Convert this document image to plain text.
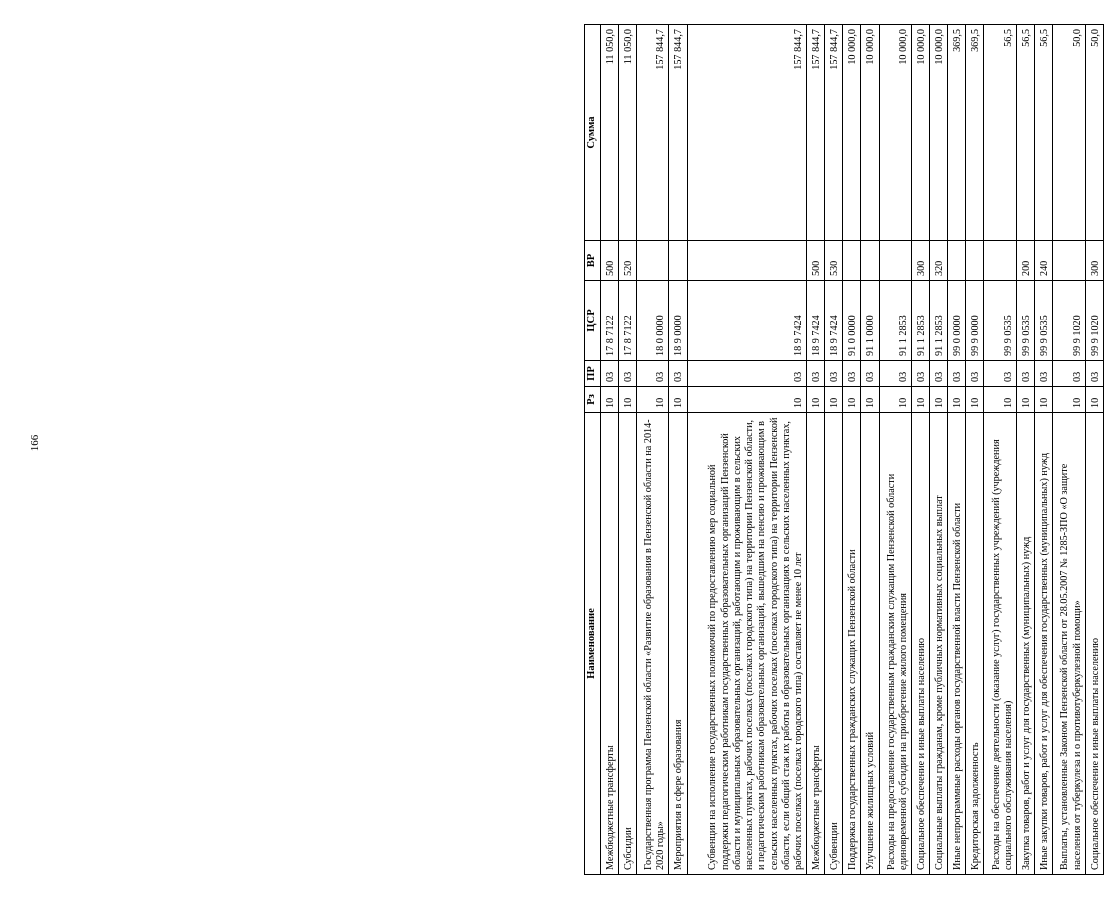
166
Наименование	Рз	ПР	ЦСР	ВР	Сумма
Межбюджетные трансферты	10	03	17 8 7122	500	11 050,0
Субсидии	10	03	17 8 7122	520	11 050,0
Государственная программа Пензенской области «Развитие образования в Пензенской области на 2014-2020 годы»	10	03	18 0 0000		157 844,7
Мероприятия в сфере образования	10	03	18 9 0000		157 844,7
Субвенции на исполнение государственных полномочий по предоставлению мер социальной поддержки педагогическим работникам государственных образовательных организаций Пензенской области и муниципальных образовательных организаций, работающим и проживающим в сельских населенных пунктах, рабочих поселках (поселках городского типа) на территории Пензенской области, и педагогическим работникам образовательных организаций, вышедшим на пенсию и проживающим в сельских населенных пунктах, рабочих поселках (поселках городского типа) на территории Пензенской области, если общий стаж их работы в образовательных организациях в сельских населенных пунктах, рабочих поселках (поселках городского типа) составляет не менее 10 лет	10	03	18 9 7424		157 844,7
Межбюджетные трансферты	10	03	18 9 7424	500	157 844,7
Субвенции	10	03	18 9 7424	530	157 844,7
Поддержка государственных гражданских служащих Пензенской области	10	03	91 0 0000		10 000,0
Улучшение жилищных условий	10	03	91 1 0000		10 000,0
Расходы на предоставление государственным гражданским служащим Пензенской области единовременной субсидии на приобретение жилого помещения	10	03	91 1 2853		10 000,0
Социальное обеспечение и иные выплаты населению	10	03	91 1 2853	300	10 000,0
Социальные выплаты гражданам, кроме публичных нормативных социальных выплат	10	03	91 1 2853	320	10 000,0
Иные непрограммные расходы органов государственной власти Пензенской области	10	03	99 0 0000		369,5
Кредиторская задолженность	10	03	99 9 0000		369,5
Расходы на обеспечение деятельности (оказание услуг) государственных учреждений (учреждения социального обслуживания населения)	10	03	99 9 0535		56,5
Закупка товаров, работ и услуг для государственных (муниципальных) нужд	10	03	99 9 0535	200	56,5
Иные закупки товаров, работ и услуг для обеспечения государственных (муниципальных) нужд	10	03	99 9 0535	240	56,5
Выплаты, установленные Законом Пензенской области от 28.05.2007 № 1285-ЗПО «О защите населения от туберкулеза и о противотуберкулезной помощи»	10	03	99 9 1020		50,0
Социальное обеспечение и иные выплаты населению	10	03	99 9 1020	300	50,0
